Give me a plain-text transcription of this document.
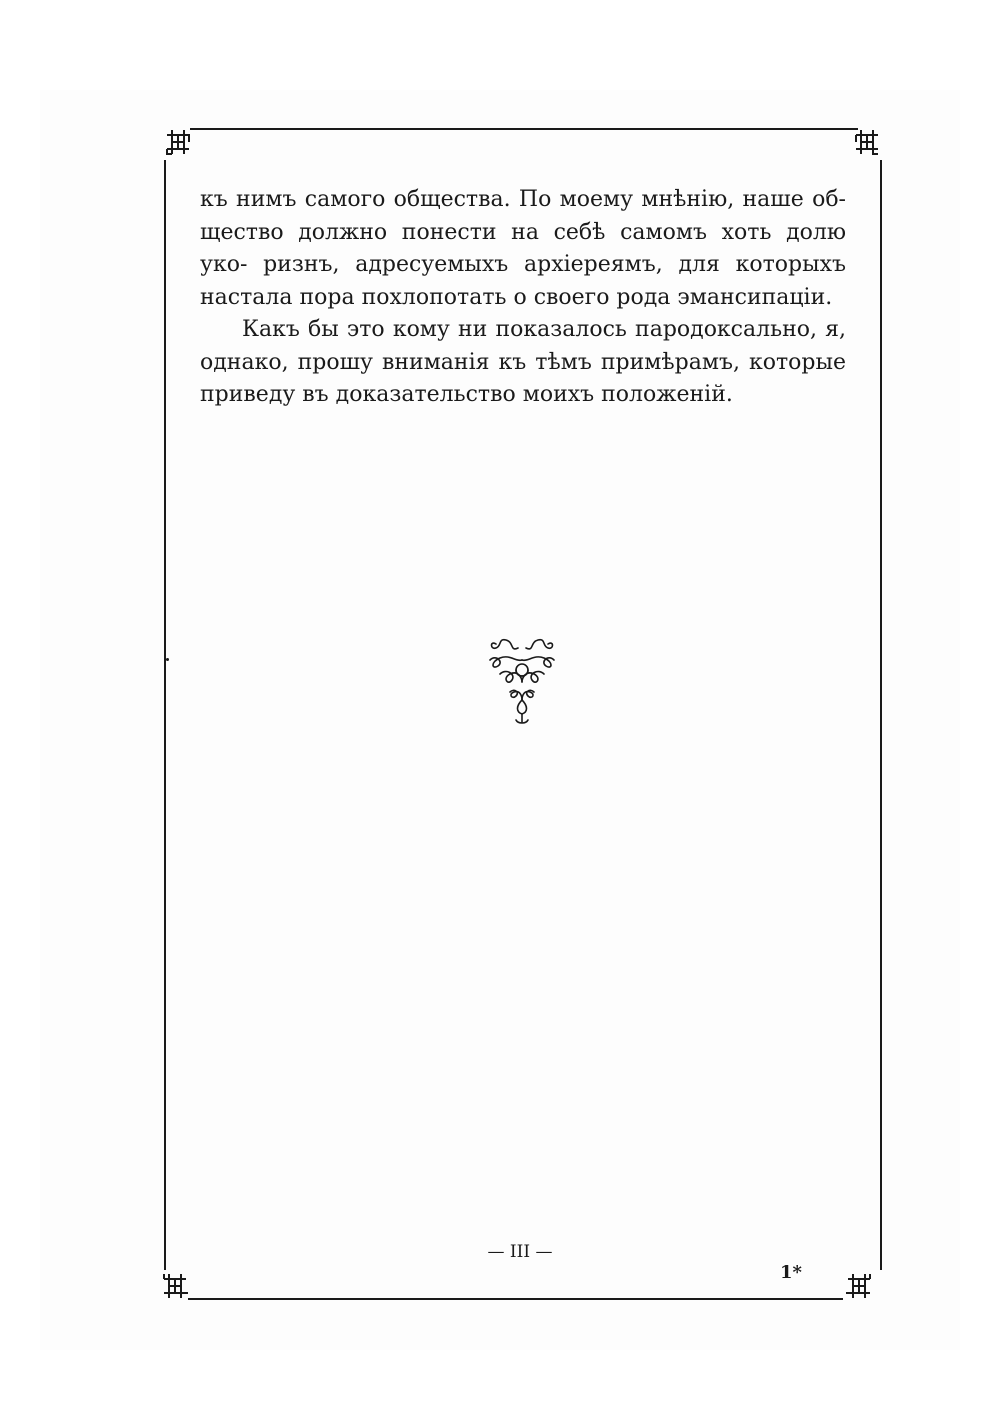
къ нимъ самого общества. По моему мнѣнію, наше об- щество должно понести на себѣ самомъ хоть долю уко- ризнъ, адресуемыхъ архіереямъ, для которыхъ настала пора похлопотать о своего рода эмансипаціи.

Какъ бы это кому ни показалось пародоксально, я, однако, прошу вниманія къ тѣмъ примѣрамъ, которые приведу въ доказательство моихъ положеній.

— III —
1*
